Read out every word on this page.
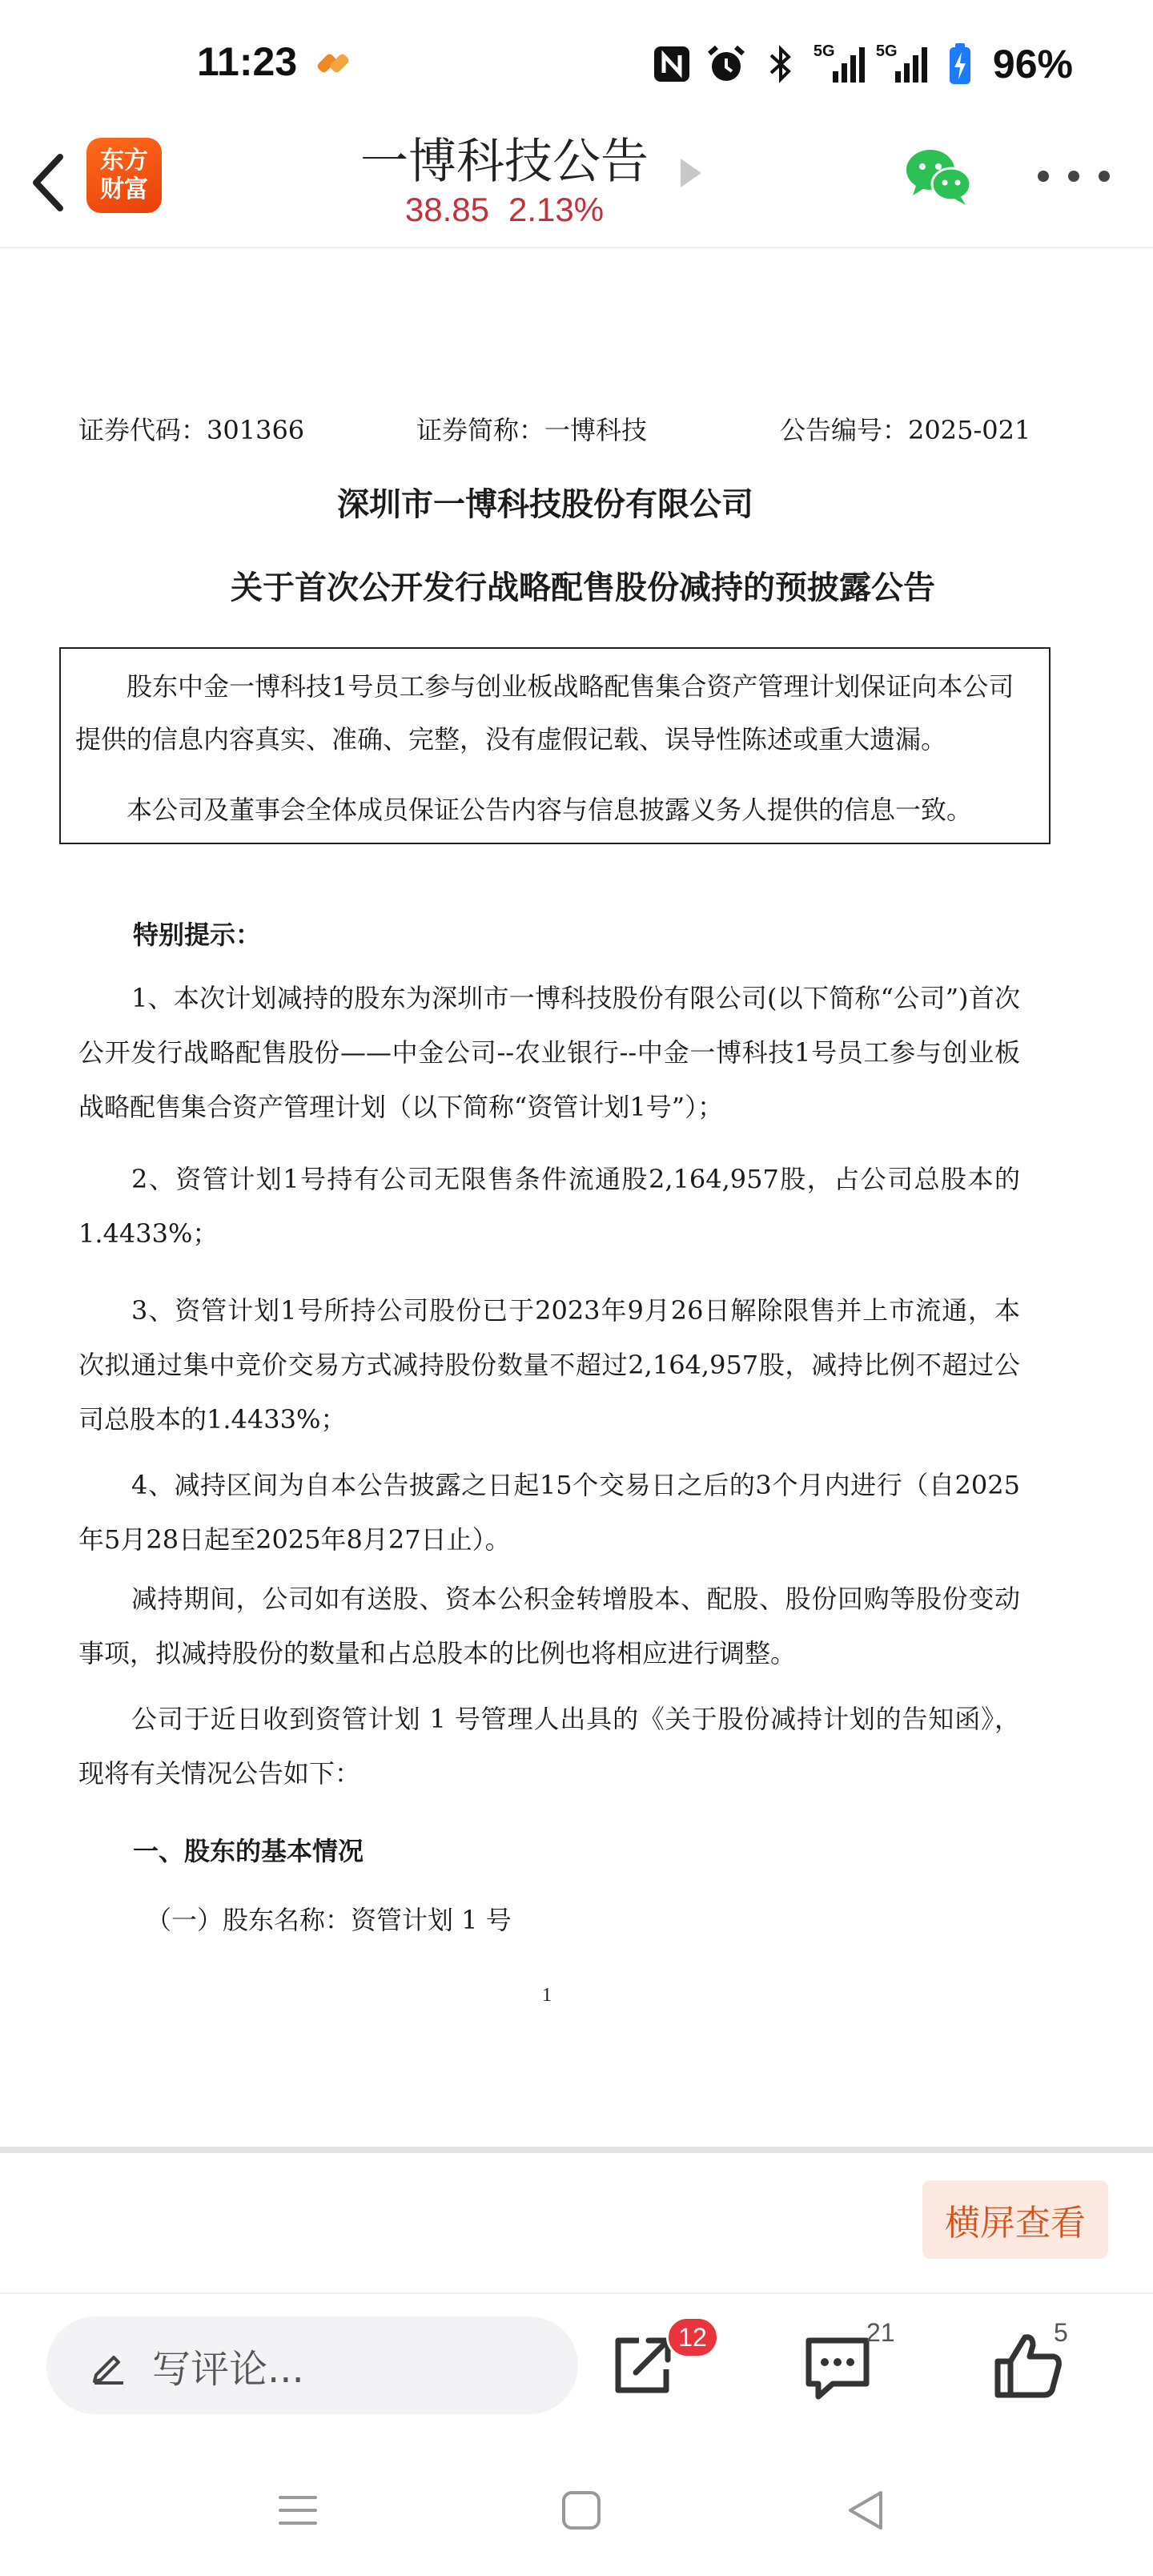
11:23	5G	5G 96%
东方
财富	一博科技公告
38.85 2.13%
证券代码：301366	证券简称：一博科技	公告编号：2025-021
深圳市一博科技股份有限公司
关于首次公开发行战略配售股份减持的预披露公告

股东中金一博科技1号员工参与创业板战略配售集合资产管理计划保证向本公司提供的信息内容真实、准确、完整，没有虚假记载、误导性陈述或重大遗漏。

本公司及董事会全体成员保证公告内容与信息披露义务人提供的信息一致。

特别提示：

1、本次计划减持的股东为深圳市一博科技股份有限公司(以下简称“公司”)首次公开发行战略配售股份——中金公司--农业银行--中金一博科技1号员工参与创业板战略配售集合资产管理计划（以下简称“资管计划1号”）；

2、资管计划1号持有公司无限售条件流通股2,164,957股，占公司总股本的1.4433%；

3、资管计划1号所持公司股份已于2023年9月26日解除限售并上市流通，本次拟通过集中竞价交易方式减持股份数量不超过2,164,957股，减持比例不超过公司总股本的1.4433%；

4、减持区间为自本公告披露之日起15个交易日之后的3个月内进行（自2025年5月28日起至2025年8月27日止）。

减持期间，公司如有送股、资本公积金转增股本、配股、股份回购等股份变动事项，拟减持股份的数量和占总股本的比例也将相应进行调整。

公司于近日收到资管计划 1 号管理人出具的《关于股份减持计划的告知函》，现将有关情况公告如下：

一、股东的基本情况
（一）股东名称：资管计划 1 号
1
横屏查看
写评论...
12	21	5
